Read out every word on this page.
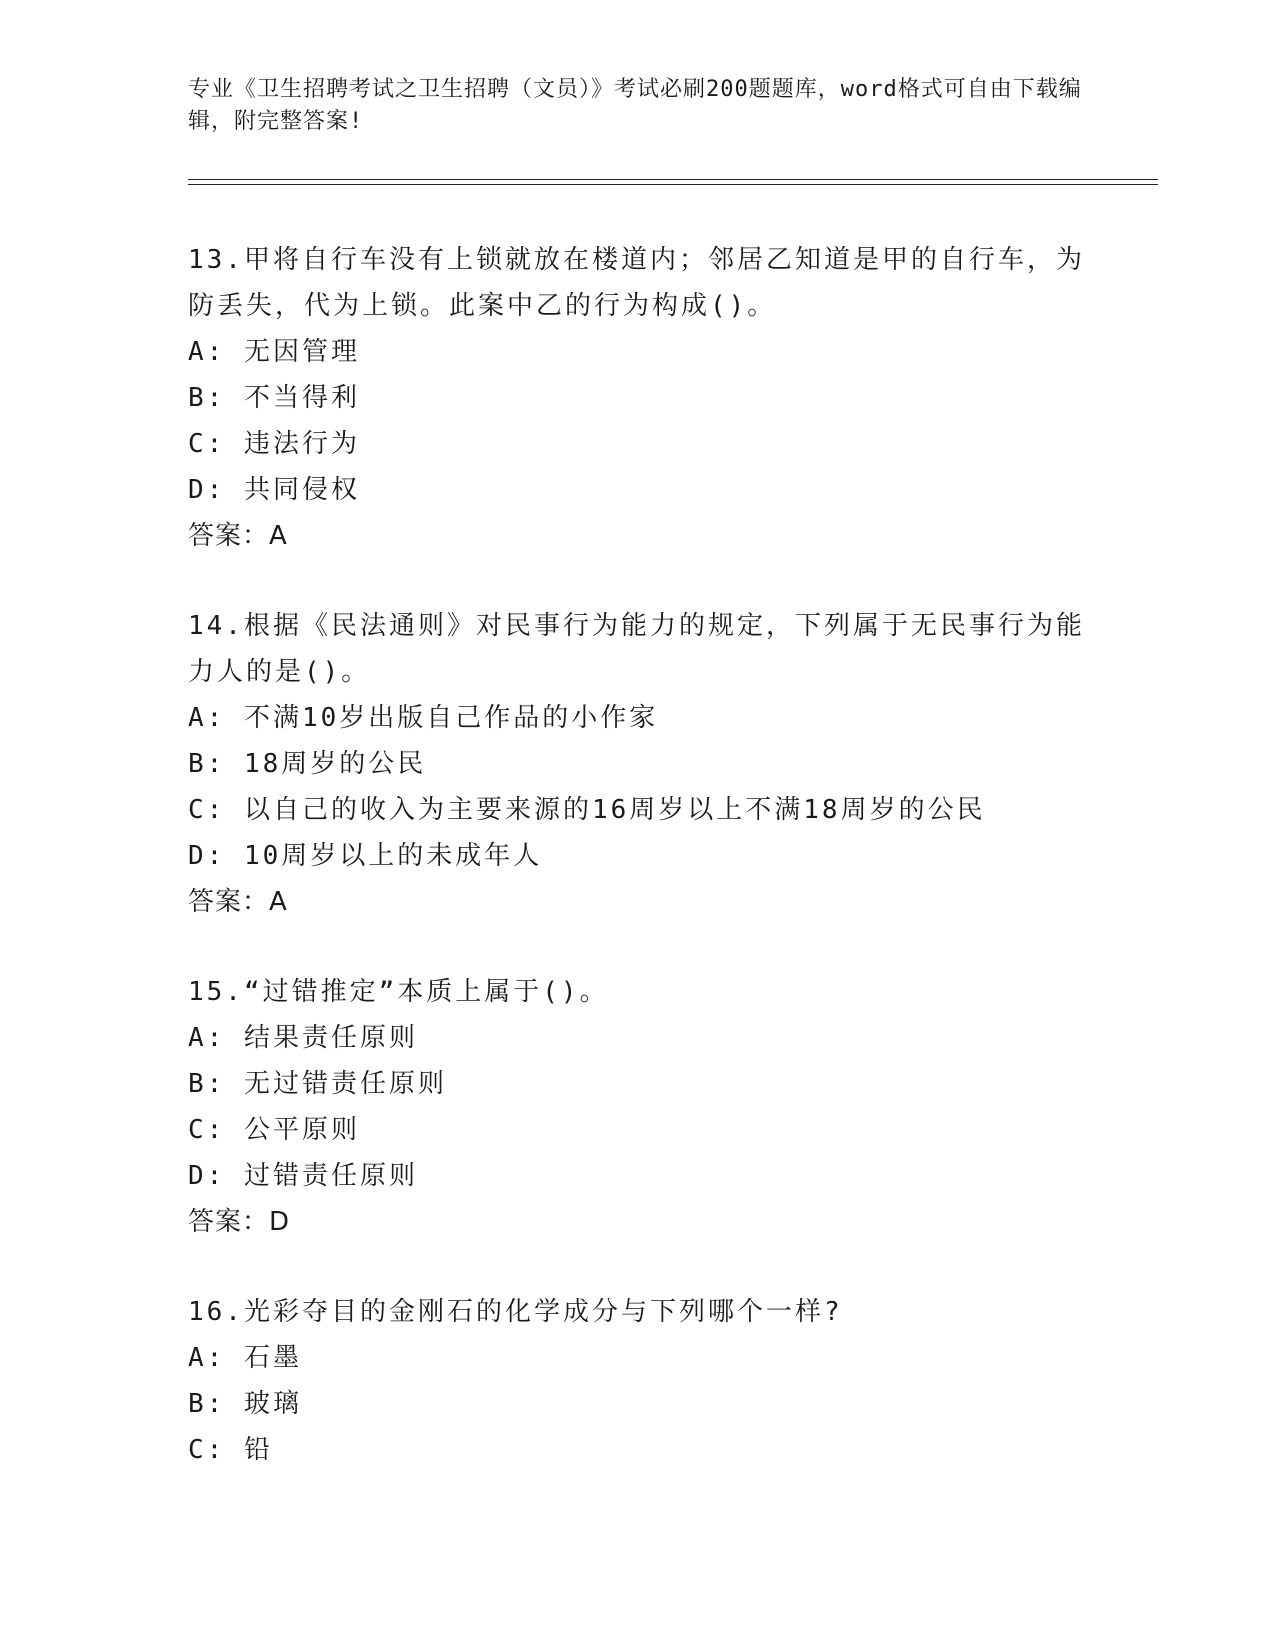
专业《卫生招聘考试之卫生招聘（文员）》考试必刷200题题库，word格式可自由下载编辑，附完整答案!
13.甲将自行车没有上锁就放在楼道内；邻居乙知道是甲的自行车，为防丢失，代为上锁。此案中乙的行为构成()。
A: 无因管理
B: 不当得利
C: 违法行为
D: 共同侵权
答案：A
14.根据《民法通则》对民事行为能力的规定，下列属于无民事行为能力人的是()。
A: 不满10岁出版自己作品的小作家
B: 18周岁的公民
C: 以自己的收入为主要来源的16周岁以上不满18周岁的公民
D: 10周岁以上的未成年人
答案：A
15.“过错推定”本质上属于()。
A: 结果责任原则
B: 无过错责任原则
C: 公平原则
D: 过错责任原则
答案：D
16.光彩夺目的金刚石的化学成分与下列哪个一样?
A: 石墨
B: 玻璃
C: 铅
